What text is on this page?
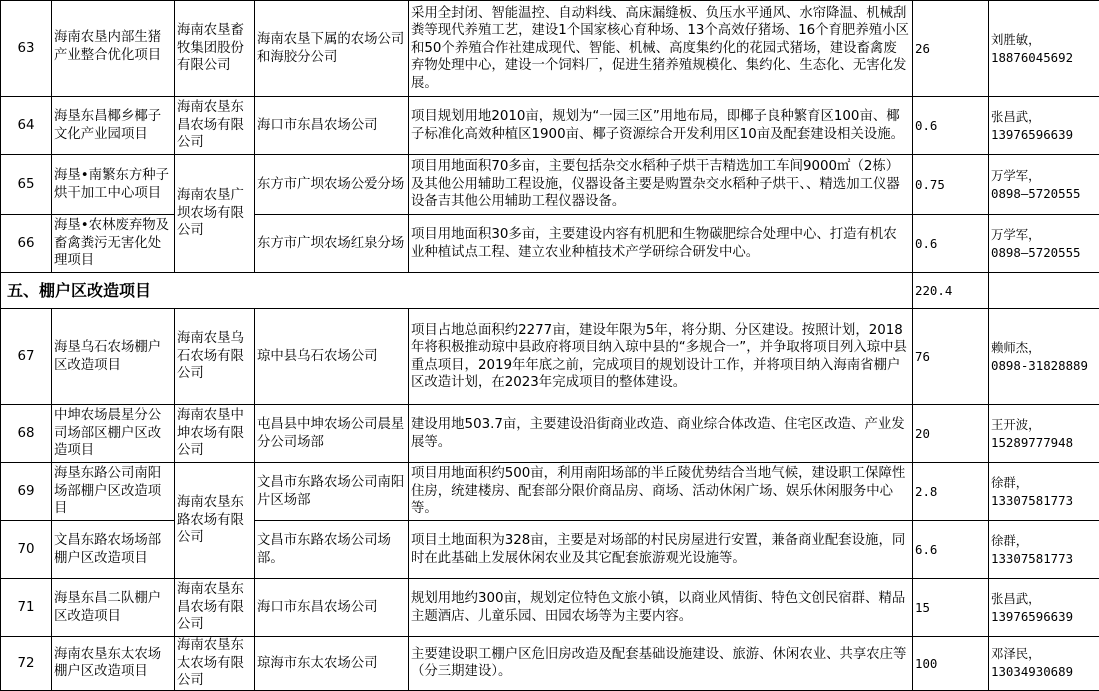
63	海南农垦内部生猪产业整合优化项目	海南农垦畜牧集团股份有限公司	海南农垦下属的农场公司和海胶分公司	采用全封闭、智能温控、自动料线、高床漏缝板、负压水平通风、水帘降温、机械刮粪等现代养殖工艺，建设1个国家核心育种场、13个高效仔猪场、16个育肥养殖小区和50个养殖合作社建成现代、智能、机械、高度集约化的花园式猪场，建设畜禽废弃物处理中心，建设一个饲料厂，促进生猪养殖规模化、集约化、生态化、无害化发展。	26	刘胜敏，
18876045692

64	海垦东昌椰乡椰子文化产业园项目	海南农垦东昌农场有限公司	海口市东昌农场公司	项目规划用地2010亩，规划为“一园三区”用地布局，即椰子良种繁育区100亩、椰子标准化高效种植区1900亩、椰子资源综合开发利用区10亩及配套建设相关设施。	0.6	张昌武，
13976596639

65	海垦•南繁东方种子烘干加工中心项目	海南农垦广坝农场有限公司	东方市广坝农场公爱分场	项目用地面积70多亩，主要包括杂交水稻种子烘干吉精选加工车间9000㎡（2栋）及其他公用辅助工程设施，仪器设备主要是购置杂交水稻种子烘干、、精选加工仪器设备吉其他公用辅助工程仪器设备。	0.75	万学军，
0898—5720555

66	海垦•农林废弃物及畜禽粪污无害化处理项目		东方市广坝农场红泉分场	项目用地面积30多亩，主要建设内容有机肥和生物碳肥综合处理中心、打造有机农业种植试点工程、建立农业种植技术产学研综合研发中心。	0.6	万学军，
0898—5720555

五、棚户区改造项目					220.4	
67	海垦乌石农场棚户区改造项目	海南农垦乌石农场有限公司	琼中县乌石农场公司	项目占地总面积约2277亩，建设年限为5年，将分期、分区建设。按照计划，2018年将积极推动琼中县政府将项目纳入琼中县的“多规合一”，并争取将项目列入琼中县重点项目，2019年年底之前，完成项目的规划设计工作，并将项目纳入海南省棚户区改造计划，在2023年完成项目的整体建设。	76	赖师杰，
0898-31828889

68	中坤农场晨星分公司场部区棚户区改造项目	海南农垦中坤农场有限公司	屯昌县中坤农场公司晨星分公司场部	建设用地503.7亩，主要建设沿街商业改造、商业综合体改造、住宅区改造、产业发展等。	20	王开波，
15289777948

69	海垦东路公司南阳场部棚户区改造项目	海南农垦东路农场有限公司	文昌市东路农场公司南阳片区场部	项目用地面积约500亩，利用南阳场部的半丘陵优势结合当地气候，建设职工保障性住房，统建楼房、配套部分限价商品房、商场、活动休闲广场、娱乐休闲服务中心等。	2.8	徐群，
13307581773

70	文昌东路农场场部棚户区改造项目		文昌市东路农场公司场部。	项目土地面积为328亩，主要是对场部的村民房屋进行安置，兼备商业配套设施，同时在此基础上发展休闲农业及其它配套旅游观光设施等。	6.6	徐群，
13307581773

71	海垦东昌二队棚户区改造项目	海南农垦东昌农场有限公司	海口市东昌农场公司	规划用地约300亩，规划定位特色文旅小镇，以商业风情街、特色文创民宿群、精品主题酒店、儿童乐园、田园农场等为主要内容。	15	张昌武，
13976596639

72	海南农垦东太农场棚户区改造项目	海南农垦东太农场有限公司	琼海市东太农场公司	主要建设职工棚户区危旧房改造及配套基础设施建设、旅游、休闲农业、共享农庄等（分三期建设）。	100	邓泽民，
13034930689
